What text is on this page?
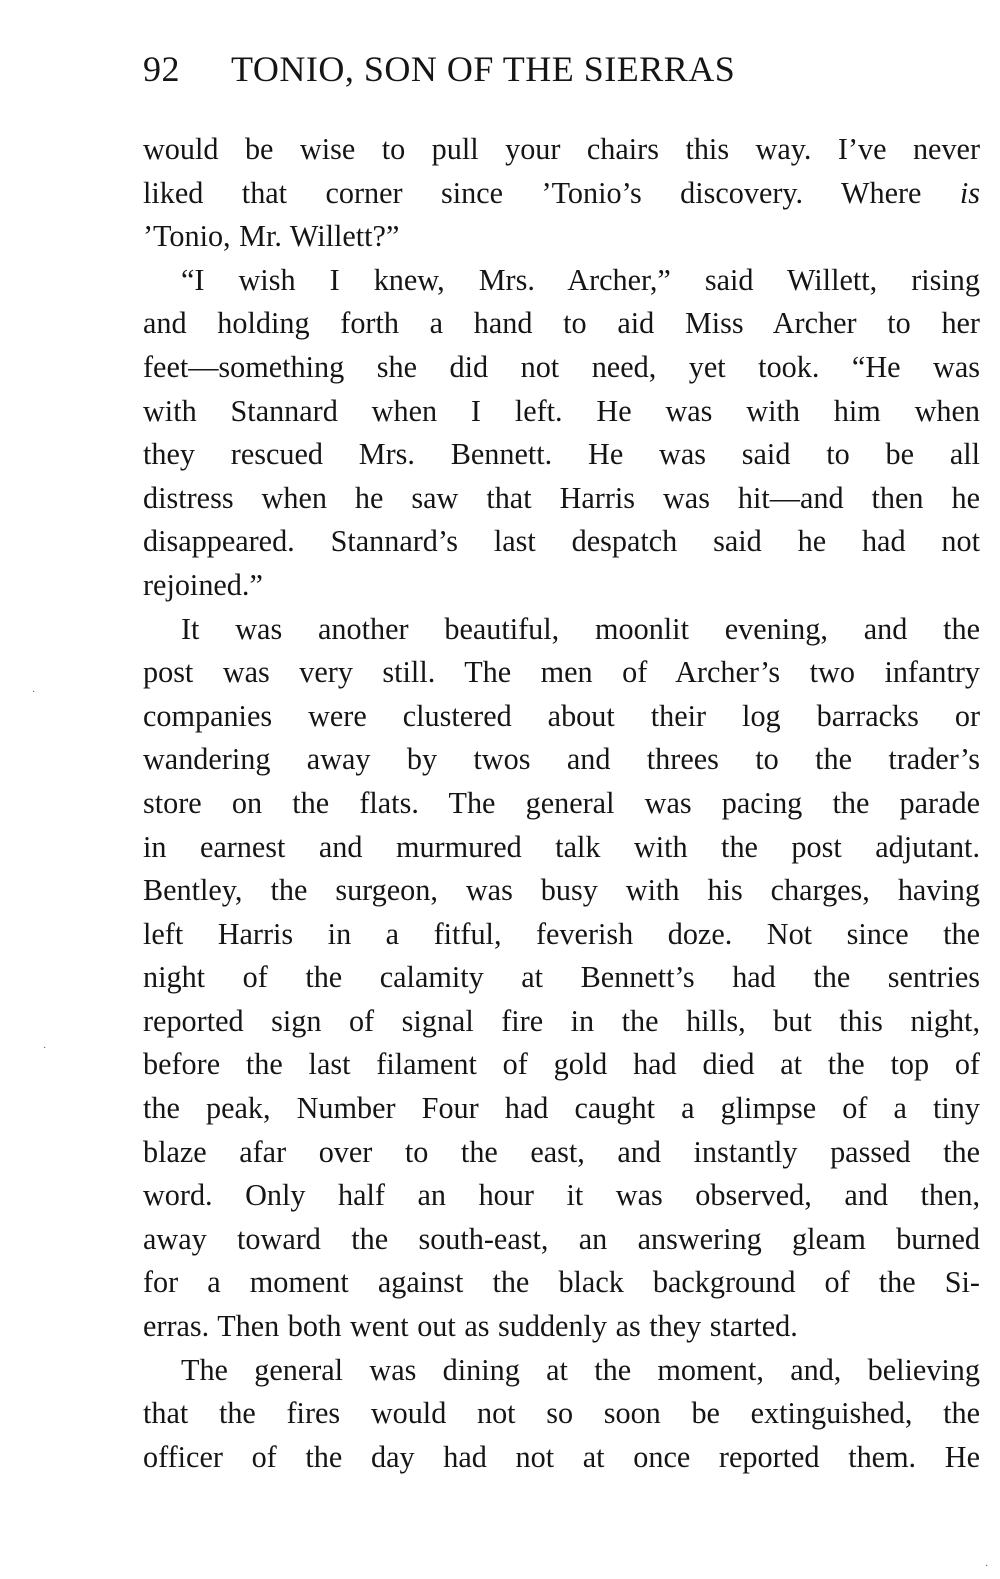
92 TONIO, SON OF THE SIERRAS
would be wise to pull your chairs this way. I’ve never
liked that corner since ’Tonio’s discovery. Where is
’Tonio, Mr. Willett?”
“I wish I knew, Mrs. Archer,” said Willett, rising
and holding forth a hand to aid Miss Archer to her
feet—something she did not need, yet took. “He was
with Stannard when I left. He was with him when
they rescued Mrs. Bennett. He was said to be all
distress when he saw that Harris was hit—and then he
disappeared. Stannard’s last despatch said he had not
rejoined.”
It was another beautiful, moonlit evening, and the
post was very still. The men of Archer’s two infantry
companies were clustered about their log barracks or
wandering away by twos and threes to the trader’s
store on the flats. The general was pacing the parade
in earnest and murmured talk with the post adjutant.
Bentley, the surgeon, was busy with his charges, having
left Harris in a fitful, feverish doze. Not since the
night of the calamity at Bennett’s had the sentries
reported sign of signal fire in the hills, but this night,
before the last filament of gold had died at the top of
the peak, Number Four had caught a glimpse of a tiny
blaze afar over to the east, and instantly passed the
word. Only half an hour it was observed, and then,
away toward the south-east, an answering gleam burned
for a moment against the black background of the Si-
erras. Then both went out as suddenly as they started.
The general was dining at the moment, and, believing
that the fires would not so soon be extinguished, the
officer of the day had not at once reported them. He
·
·
·
